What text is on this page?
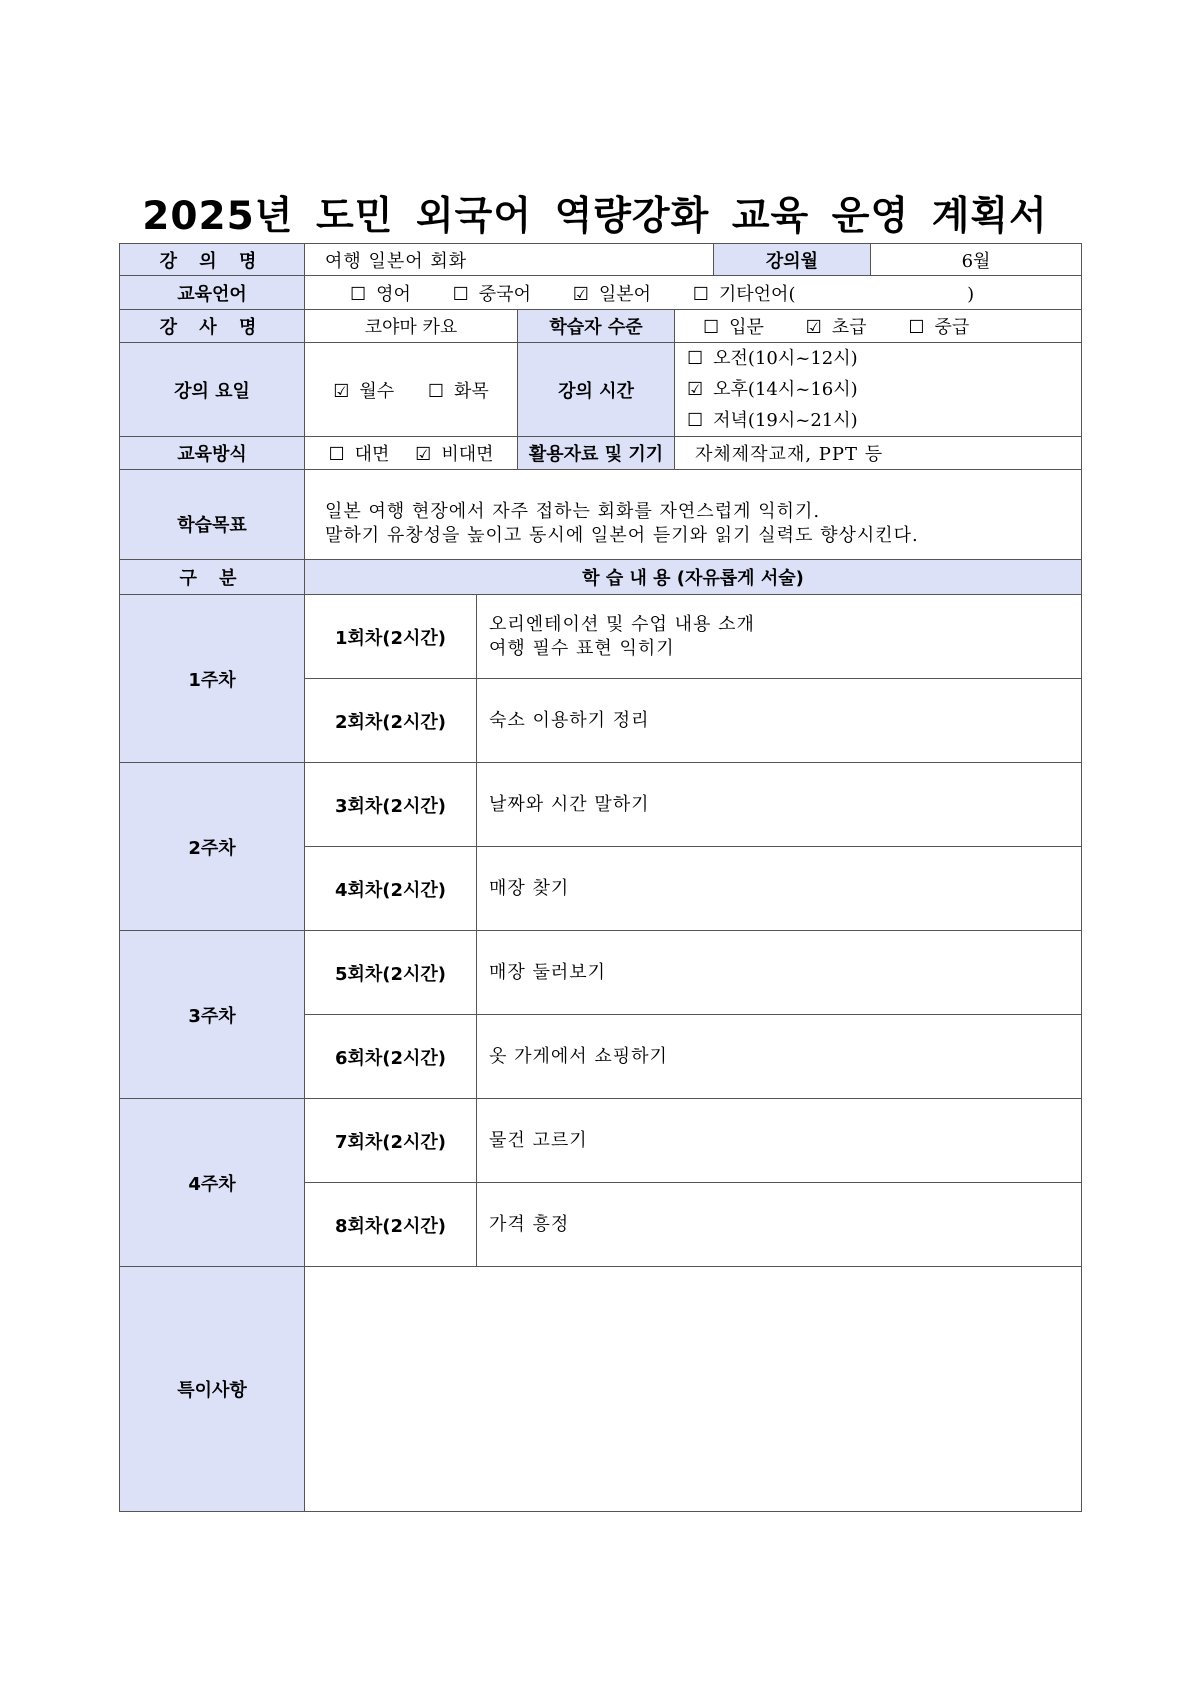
2025년 도민 외국어 역량강화 교육 운영 계획서
강 의 명	여행 일본어 회화			강의월	6월
교육언어	☐ 영어 ☐ 중국어 ☑ 일본어 ☐ 기타언어(                              )				
강 사 명	코야마 카요	학습자 수준	☐ 입문 ☑ 초급 ☐ 중급		
강의 요일	☑ 월수 ☐ 화목	강의 시간	☐ 오전(10시~12시)☑ 오후(14시~16시)
☐ 저녁(19시~21시)		
교육방식	☐ 대면 ☑ 비대면	활용자료 및 기기	자체제작교재, PPT 등		
학습목표	일본 여행 현장에서 자주 접하는 회화를 자연스럽게 익히기.
말하기 유창성을 높이고 동시에 일본어 듣기와 읽기 실력도 향상시킨다.				
구 분	학 습 내 용 (자유롭게 서술)	
1주차	1회차(2시간)	오리엔테이션 및 수업 내용 소개
여행 필수 표현 익히기

	2회차(2시간)	숙소 이용하기 정리
2주차	3회차(2시간)	날짜와 시간 말하기
	4회차(2시간)	매장 찾기
3주차	5회차(2시간)	매장 둘러보기
	6회차(2시간)	옷 가게에서 쇼핑하기
4주차	7회차(2시간)	물건 고르기
	8회차(2시간)	가격 흥정
특이사항		
